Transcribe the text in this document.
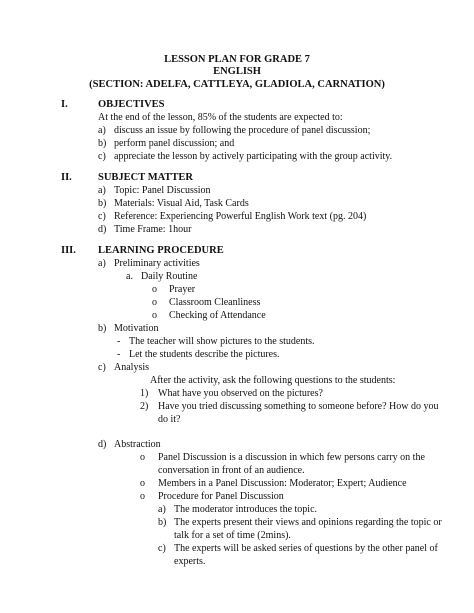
LESSON PLAN FOR GRADE 7
ENGLISH
(SECTION: ADELFA, CATTLEYA, GLADIOLA, CARNATION)
I.	OBJECTIVES
At the end of the lesson, 85% of the students are expected to:
a) discuss an issue by following the procedure of panel discussion;
b) perform panel discussion; and
c) appreciate the lesson by actively participating with the group activity.
II. SUBJECT MATTER
a) Topic: Panel Discussion
b) Materials: Visual Aid, Task Cards
c) Reference: Experiencing Powerful English Work text (pg. 204)
d) Time Frame: 1hour
III. LEARNING PROCEDURE
a) Preliminary activities
a. Daily Routine
o Prayer
o Classroom Cleanliness
o Checking of Attendance
b) Motivation
- The teacher will show pictures to the students.
- Let the students describe the pictures.
c) Analysis
After the activity, ask the following questions to the students:
1) What have you observed on the pictures?
2) Have you tried discussing something to someone before? How do you
do it?
d) Abstraction
o Panel Discussion is a discussion in which few persons carry on the
conversation in front of an audience.
o Members in a Panel Discussion: Moderator; Expert; Audience
o Procedure for Panel Discussion
a) The moderator introduces the topic.
b) The experts present their views and opinions regarding the topic or
talk for a set of time (2mins).
c) The experts will be asked series of questions by the other panel of
experts.
